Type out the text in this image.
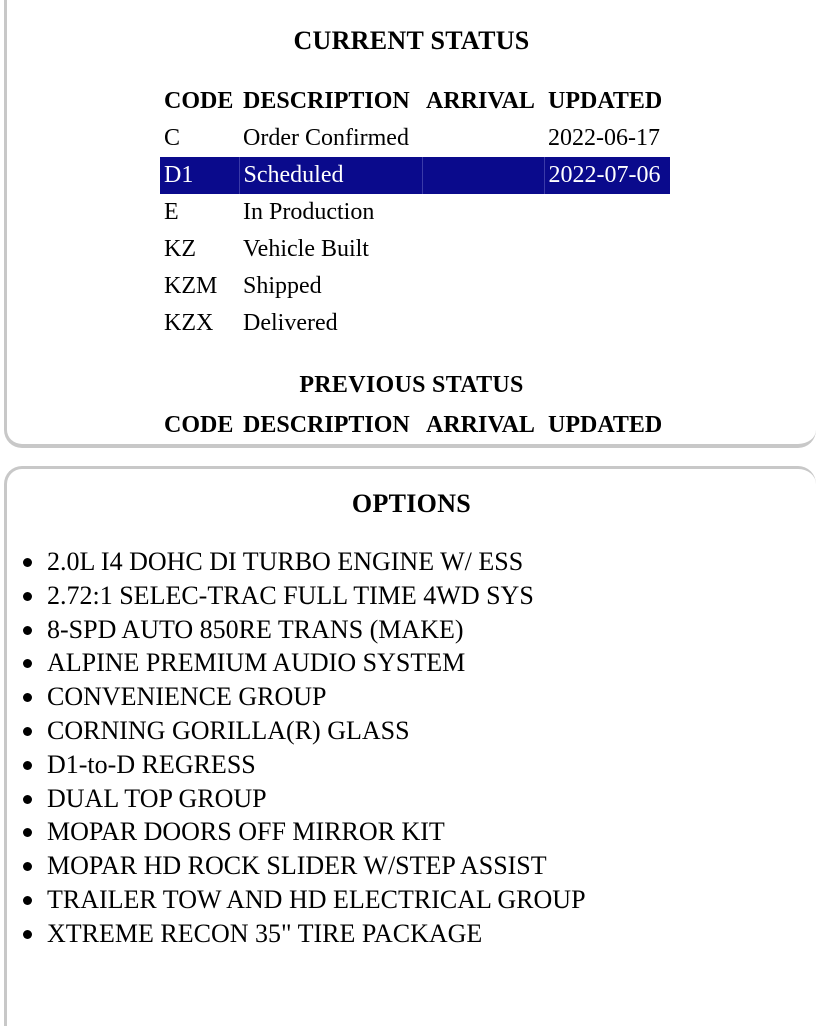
CURRENT STATUS
CODE	DESCRIPTION	ARRIVAL	UPDATED
C	Order Confirmed		2022-06-17
D1	Scheduled		2022-07-06
E	In Production		
KZ	Vehicle Built		
KZM	Shipped		
KZX	Delivered		
PREVIOUS STATUS
CODE	DESCRIPTION	ARRIVAL	UPDATED
OPTIONS
2.0L I4 DOHC DI TURBO ENGINE W/ ESS
2.72:1 SELEC-TRAC FULL TIME 4WD SYS
8-SPD AUTO 850RE TRANS (MAKE)
ALPINE PREMIUM AUDIO SYSTEM
CONVENIENCE GROUP
CORNING GORILLA(R) GLASS
D1-to-D REGRESS
DUAL TOP GROUP
MOPAR DOORS OFF MIRROR KIT
MOPAR HD ROCK SLIDER W/STEP ASSIST
TRAILER TOW AND HD ELECTRICAL GROUP
XTREME RECON 35" TIRE PACKAGE
